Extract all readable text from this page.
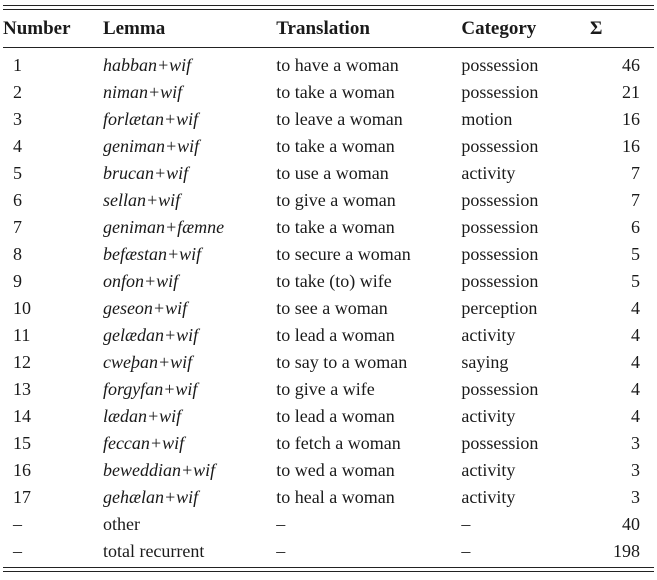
Number	Lemma	Translation	Category	Σ

1	habban+wif	to have a woman	possession	46
2	niman+wif	to take a woman	possession	21
3	forlætan+wif	to leave a woman	motion	16
4	geniman+wif	to take a woman	possession	16
5	brucan+wif	to use a woman	activity	7
6	sellan+wif	to give a woman	possession	7
7	geniman+fæmne	to take a woman	possession	6
8	befæstan+wif	to secure a woman	possession	5
9	onfon+wif	to take (to) wife	possession	5
10	geseon+wif	to see a woman	perception	4
11	gelædan+wif	to lead a woman	activity	4
12	cweþan+wif	to say to a woman	saying	4
13	forgyfan+wif	to give a wife	possession	4
14	lædan+wif	to lead a woman	activity	4
15	feccan+wif	to fetch a woman	possession	3
16	beweddian+wif	to wed a woman	activity	3
17	gehælan+wif	to heal a woman	activity	3
–	other	–	–	40
–	total recurrent	–	–	198
